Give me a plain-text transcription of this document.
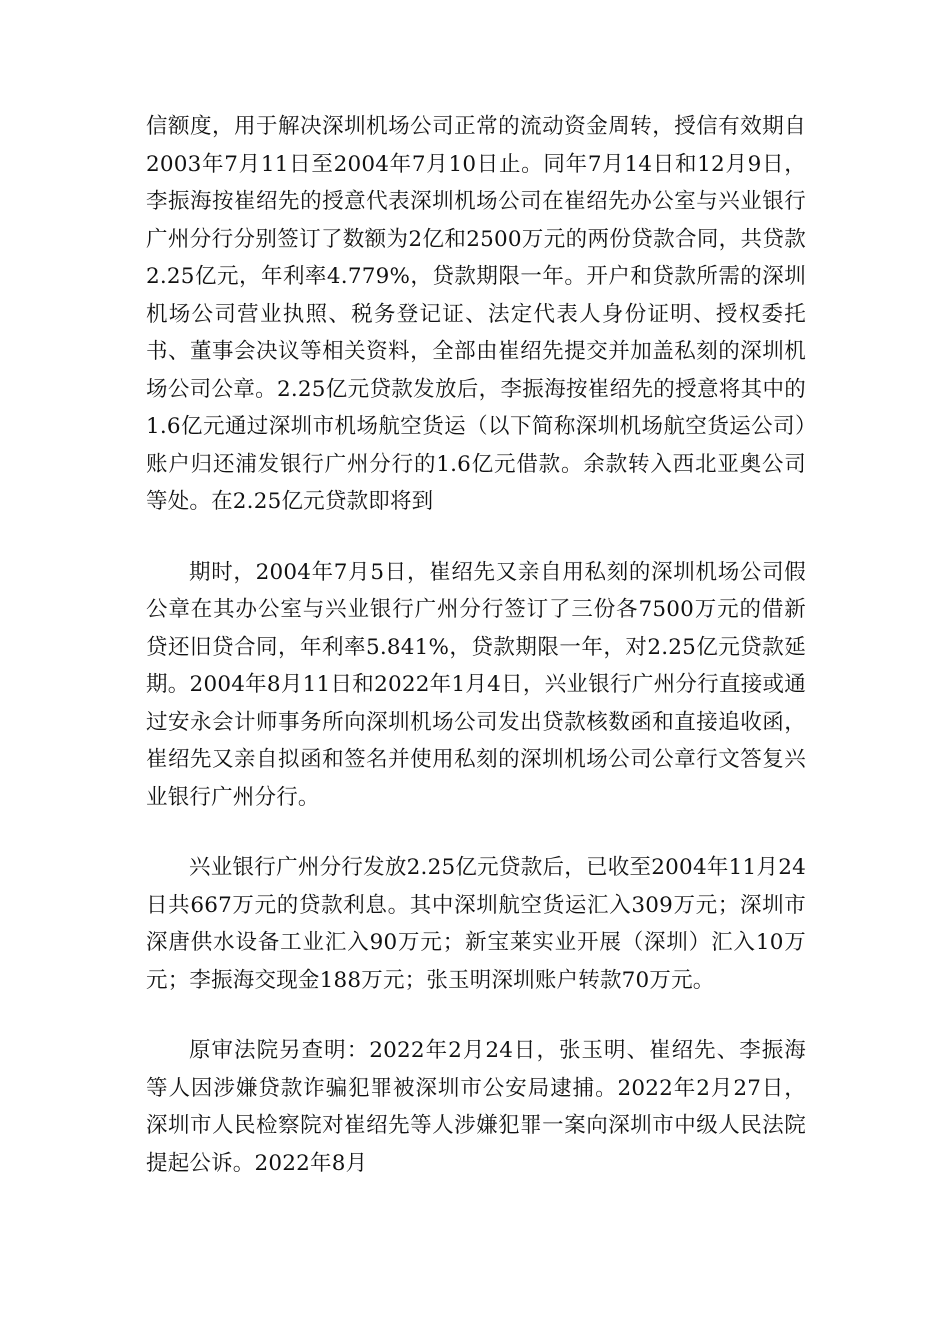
信额度，用于解决深圳机场公司正常的流动资金周转，授信有效期自2003年7月11日至2004年7月10日止。同年7月14日和12月9日，李振海按崔绍先的授意代表深圳机场公司在崔绍先办公室与兴业银行广州分行分别签订了数额为2亿和2500万元的两份贷款合同，共贷款2.25亿元，年利率4.779%，贷款期限一年。开户和贷款所需的深圳机场公司营业执照、税务登记证、法定代表人身份证明、授权委托书、董事会决议等相关资料，全部由崔绍先提交并加盖私刻的深圳机场公司公章。2.25亿元贷款发放后，李振海按崔绍先的授意将其中的1.6亿元通过深圳市机场航空货运（以下简称深圳机场航空货运公司）账户归还浦发银行广州分行的1.6亿元借款。余款转入西北亚奥公司等处。在2.25亿元贷款即将到

期时，2004年7月5日，崔绍先又亲自用私刻的深圳机场公司假公章在其办公室与兴业银行广州分行签订了三份各7500万元的借新贷还旧贷合同，年利率5.841%，贷款期限一年，对2.25亿元贷款延期。2004年8月11日和2022年1月4日，兴业银行广州分行直接或通过安永会计师事务所向深圳机场公司发出贷款核数函和直接追收函，崔绍先又亲自拟函和签名并使用私刻的深圳机场公司公章行文答复兴业银行广州分行。

兴业银行广州分行发放2.25亿元贷款后，已收至2004年11月24日共667万元的贷款利息。其中深圳航空货运汇入309万元；深圳市深唐供水设备工业汇入90万元；新宝莱实业开展（深圳）汇入10万元；李振海交现金188万元；张玉明深圳账户转款70万元。

原审法院另查明：2022年2月24日，张玉明、崔绍先、李振海等人因涉嫌贷款诈骗犯罪被深圳市公安局逮捕。2022年2月27日，深圳市人民检察院对崔绍先等人涉嫌犯罪一案向深圳市中级人民法院提起公诉。2022年8月
